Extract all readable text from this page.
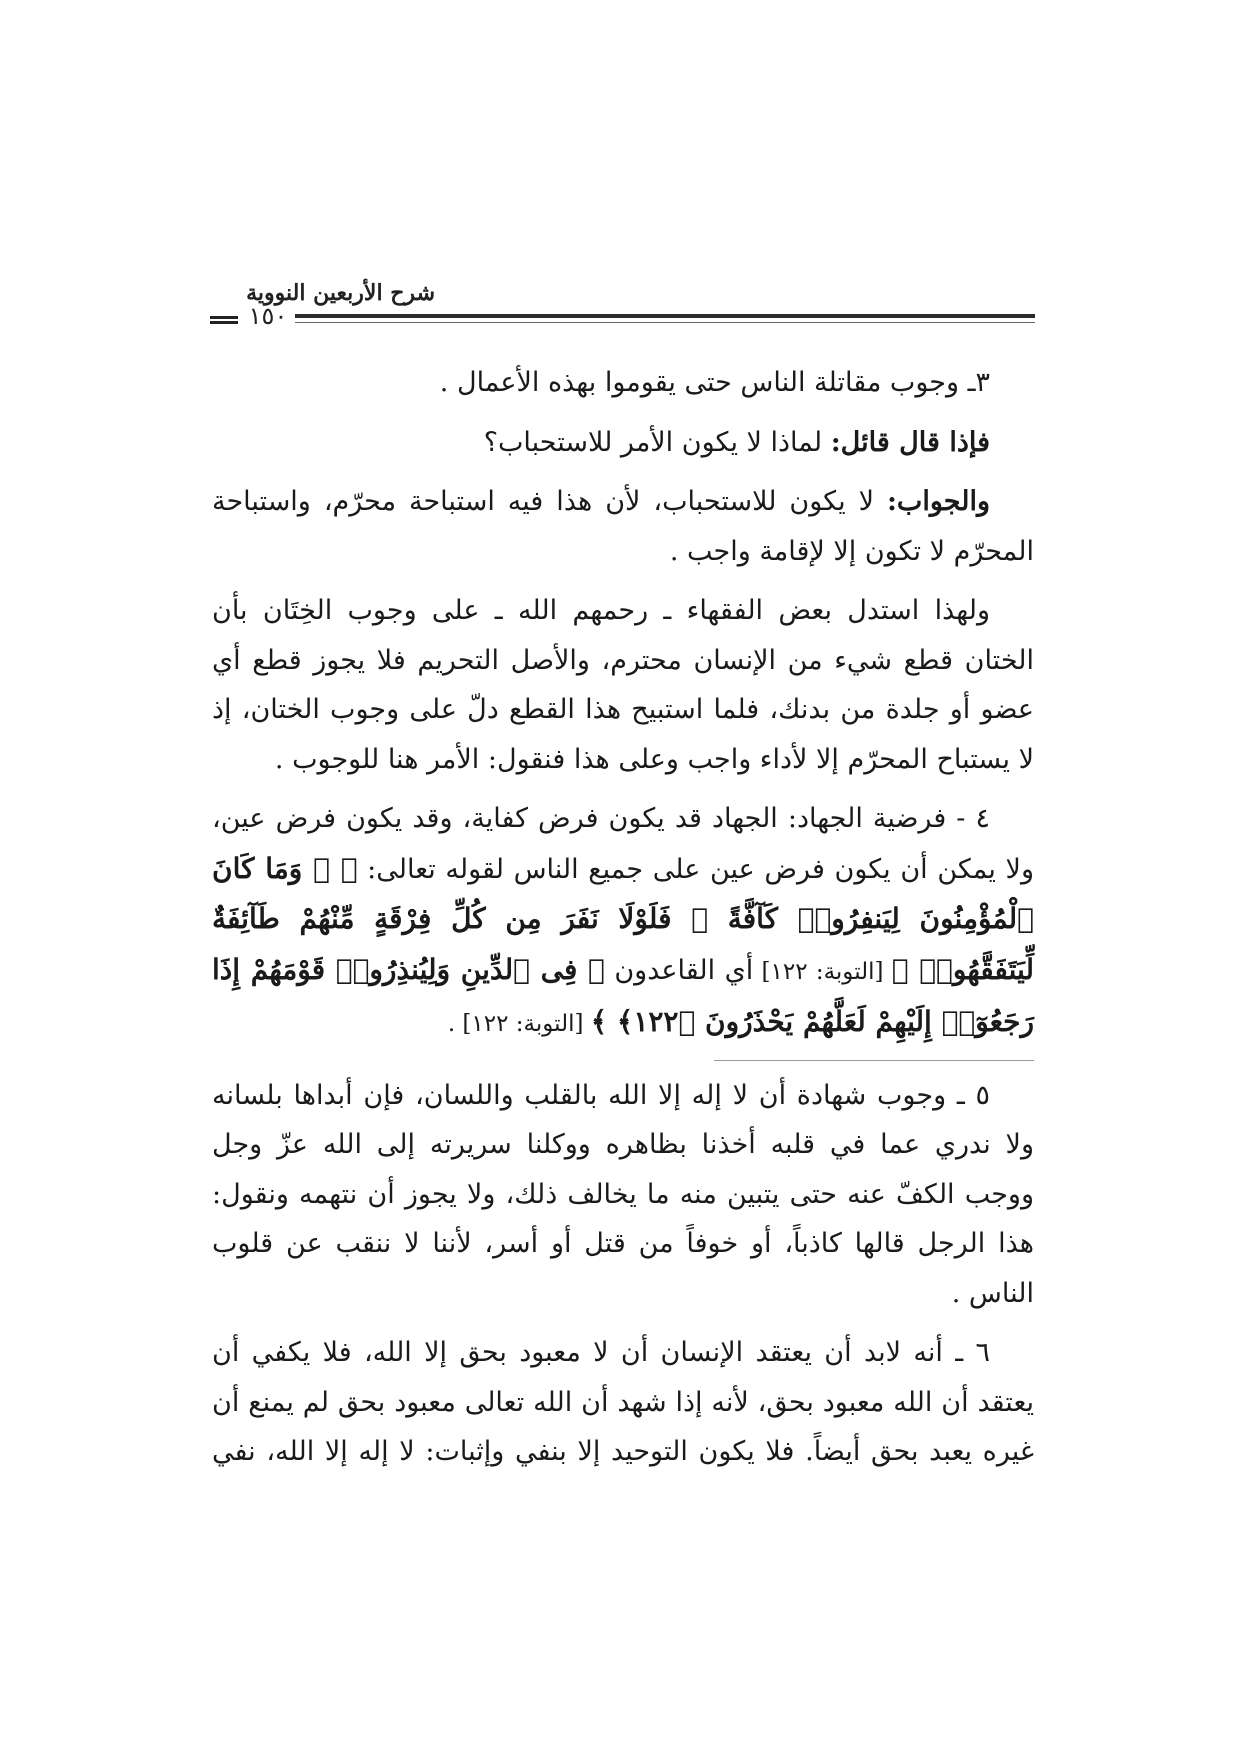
شرح الأربعين النووية
١٥٠

٣ـ وجوب مقاتلة الناس حتى يقوموا بهذه الأعمال .

فإذا قال قائل: لماذا لا يكون الأمر للاستحباب؟

والجواب: لا يكون للاستحباب، لأن هذا فيه استباحة محرّم، واستباحة المحرّم لا تكون إلا لإقامة واجب .

ولهذا استدل بعض الفقهاء ـ رحمهم الله ـ على وجوب الخِتَان بأن الختان قطع شيء من الإنسان محترم، والأصل التحريم فلا يجوز قطع أي عضو أو جلدة من بدنك، فلما استبيح هذا القطع دلّ على وجوب الختان، إذ لا يستباح المحرّم إلا لأداء واجب وعلى هذا فنقول: الأمر هنا للوجوب .

٤ - فرضية الجهاد: الجهاد قد يكون فرض كفاية، وقد يكون فرض عين، ولا يمكن أن يكون فرض عين على جميع الناس لقوله تعالى: ﴿ ۞ وَمَا كَانَ ٱلْمُؤْمِنُونَ لِيَنفِرُوا۟ كَآفَّةً ۚ فَلَوْلَا نَفَرَ مِن كُلِّ فِرْقَةٍ مِّنْهُمْ طَآئِفَةٌ لِّيَتَفَقَّهُوا۟ ﴾ [التوبة: ١٢٢] أي القاعدون ﴿ فِى ٱلدِّينِ وَلِيُنذِرُوا۟ قَوْمَهُمْ إِذَا رَجَعُوٓا۟ إِلَيْهِمْ لَعَلَّهُمْ يَحْذَرُونَ ﴿١٢٢﴾ ﴾ [التوبة: ١٢٢] .

٥ ـ وجوب شهادة أن لا إله إلا الله بالقلب واللسان، فإن أبداها بلسانه ولا ندري عما في قلبه أخذنا بظاهره ووكلنا سريرته إلى الله عزّ وجل ووجب الكفّ عنه حتى يتبين منه ما يخالف ذلك، ولا يجوز أن نتهمه ونقول: هذا الرجل قالها كاذباً، أو خوفاً من قتل أو أسر، لأننا لا ننقب عن قلوب الناس .

٦ ـ أنه لابد أن يعتقد الإنسان أن لا معبود بحق إلا الله، فلا يكفي أن يعتقد أن الله معبود بحق، لأنه إذا شهد أن الله تعالى معبود بحق لم يمنع أن غيره يعبد بحق أيضاً. فلا يكون التوحيد إلا بنفي وإثبات: لا إله إلا الله، نفي
